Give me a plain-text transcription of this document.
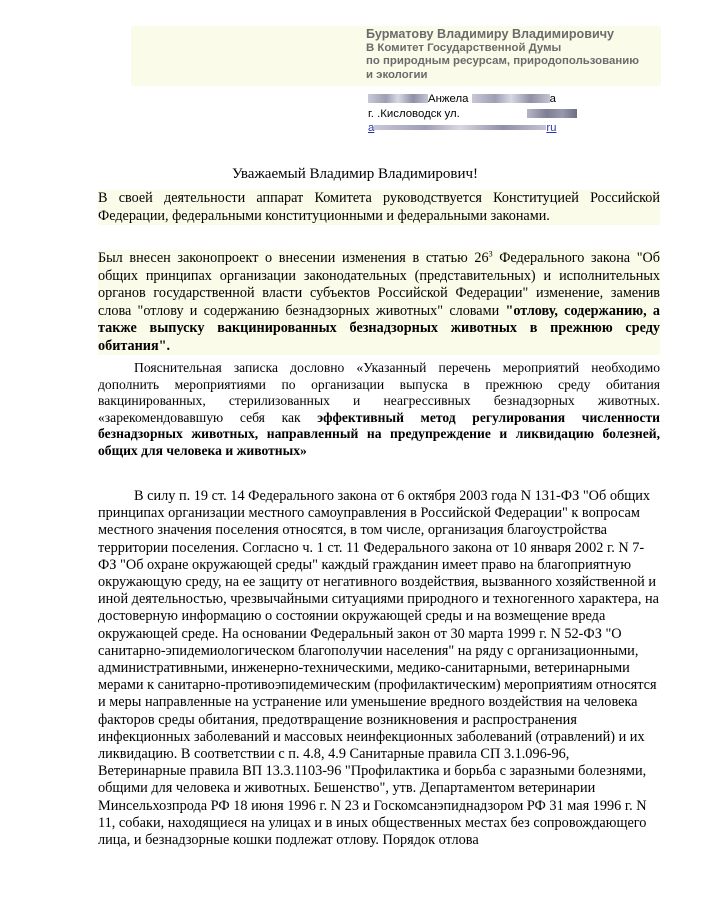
Бурматову Владимиру Владимировичу
В Комитет Государственной Думы
по природным ресурсам, природопользованию
и экологии
Анжела	а
г. .Кисловодск ул.
а	ru
Уважаемый Владимир Владимирович!
В своей деятельности аппарат Комитета руководствуется Конституцией Российской Федерации, федеральными конституционными и федеральными законами.
Был внесен законопроект о внесении изменения в статью $26^3$ Федерального закона "Об общих принципах организации законодательных (представительных) и исполнительных органов государственной власти субъектов Российской Федерации" изменение, заменив слова "отлову и содержанию безнадзорных животных" словами "отлову, содержанию, а также выпуску вакцинированных безнадзорных животных в прежнюю среду обитания".
Пояснительная записка дословно «Указанный перечень мероприятий необходимо дополнить мероприятиями по организации выпуска в прежнюю среду обитания вакцинированных, стерилизованных и неагрессивных безнадзорных животных. «зарекомендовавшую себя как эффективный метод регулирования численности безнадзорных животных, направленный на предупреждение и ликвидацию болезней, общих для человека и животных»
В силу п. 19 ст. 14 Федерального закона от 6 октября 2003 года N 131-ФЗ "Об общих принципах организации местного самоуправления в Российской Федерации" к вопросам местного значения поселения относятся, в том числе, организация благоустройства территории поселения. Согласно ч. 1 ст. 11 Федерального закона от 10 января 2002 г. N 7-ФЗ "Об охране окружающей среды" каждый гражданин имеет право на благоприятную окружающую среду, на ее защиту от негативного воздействия, вызванного хозяйственной и иной деятельностью, чрезвычайными ситуациями природного и техногенного характера, на достоверную информацию о состоянии окружающей среды и на возмещение вреда окружающей среде. На основании Федеральный закон от 30 марта 1999 г. N 52-ФЗ "О санитарно-эпидемиологическом благополучии населения" на ряду с организационными, административными, инженерно-техническими, медико-санитарными, ветеринарными мерами к санитарно-противоэпидемическим (профилактическим) мероприятиям относятся и меры направленные на устранение или уменьшение вредного воздействия на человека факторов среды обитания, предотвращение возникновения и распространения инфекционных заболеваний и массовых неинфекционных заболеваний (отравлений) и их ликвидацию. В соответствии с п. 4.8, 4.9 Санитарные правила СП 3.1.096-96, Ветеринарные правила ВП 13.3.1103-96 "Профилактика и борьба с заразными болезнями, общими для человека и животных. Бешенство", утв. Департаментом ветеринарии Минсельхозпрода РФ 18 июня 1996 г. N 23 и Госкомсанэпиднадзором РФ 31 мая 1996 г. N 11, собаки, находящиеся на улицах и в иных общественных местах без сопровождающего лица, и безнадзорные кошки подлежат отлову. Порядок отлова
